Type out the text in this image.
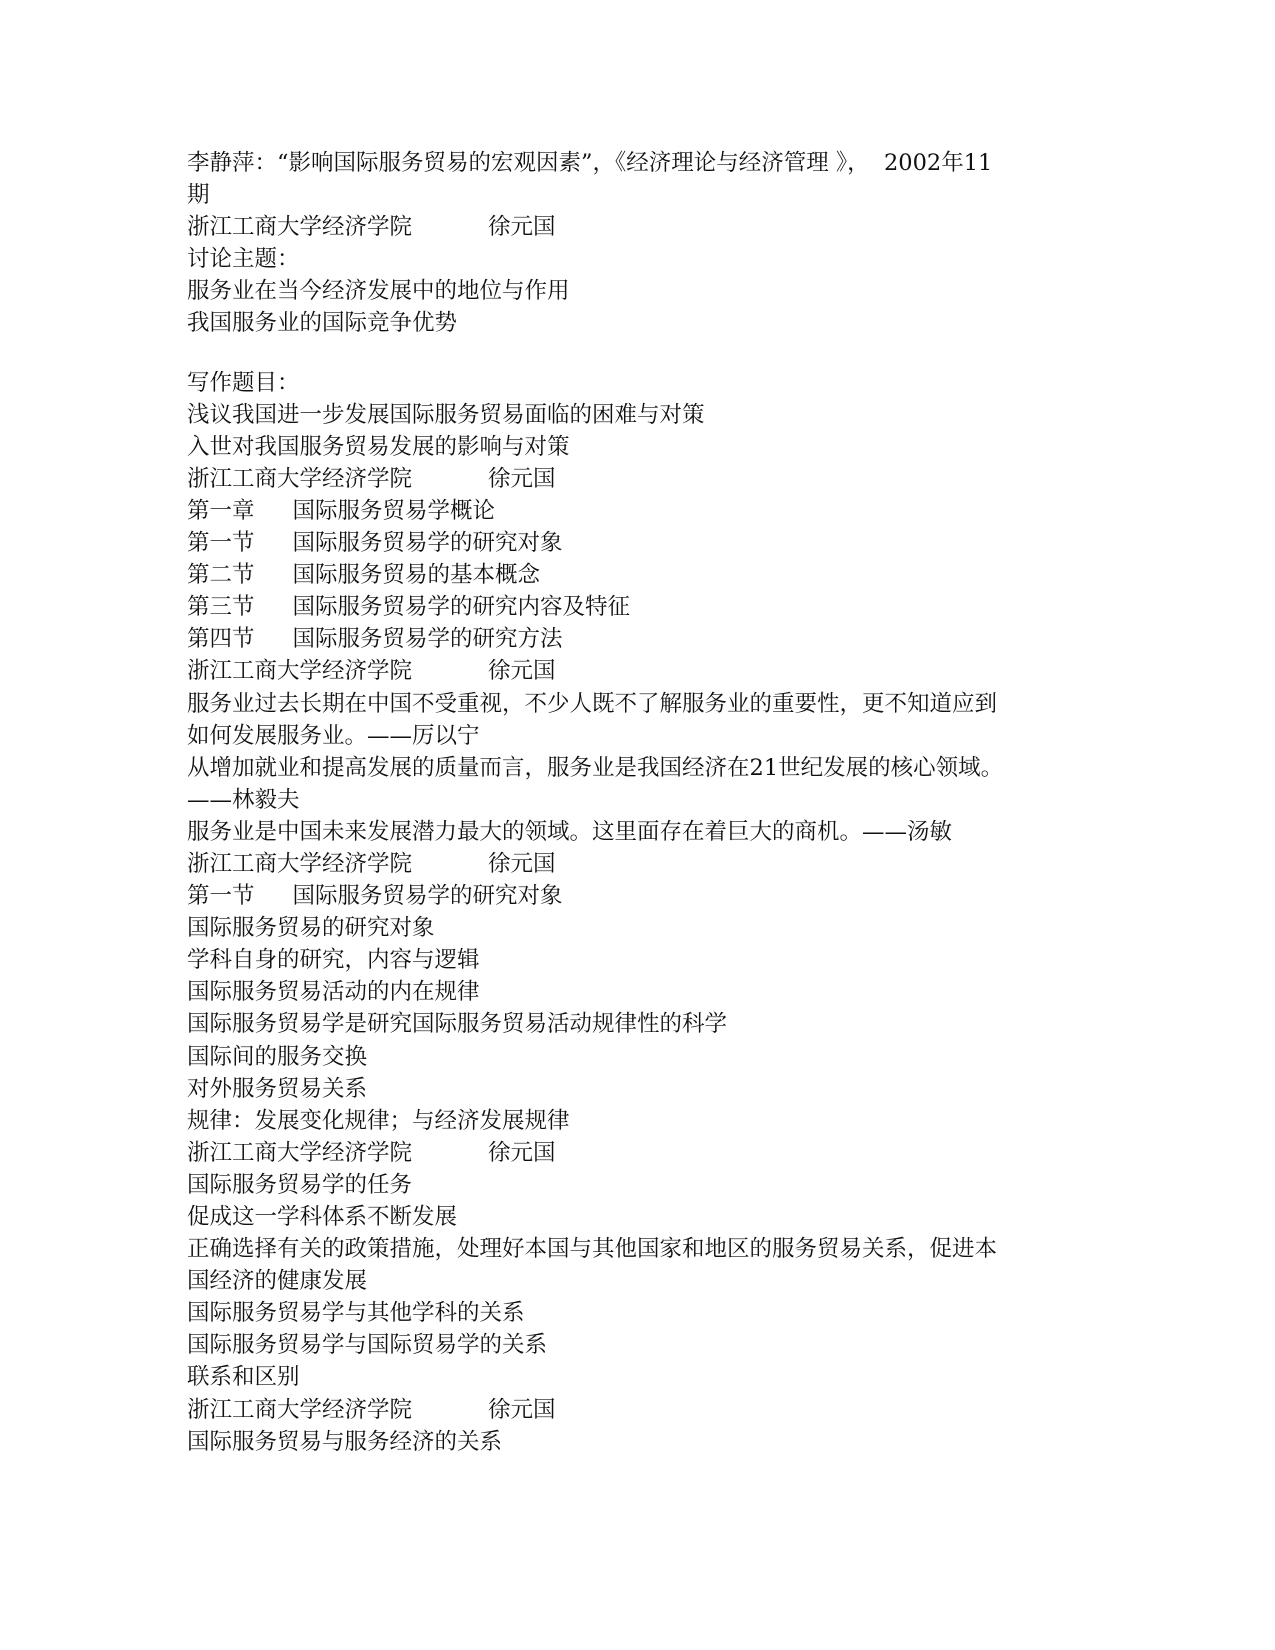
李静萍：“影响国际服务贸易的宏观因素”，《经济理论与经济管理 》，  2002年11
期
浙江工商大学经济学院	徐元国
讨论主题：
服务业在当今经济发展中的地位与作用
我国服务业的国际竞争优势
写作题目：
浅议我国进一步发展国际服务贸易面临的困难与对策
入世对我国服务贸易发展的影响与对策
浙江工商大学经济学院	徐元国
第一章 国际服务贸易学概论
第一节 国际服务贸易学的研究对象
第二节 国际服务贸易的基本概念
第三节 国际服务贸易学的研究内容及特征
第四节 国际服务贸易学的研究方法
浙江工商大学经济学院	徐元国
服务业过去长期在中国不受重视，不少人既不了解服务业的重要性，更不知道应到
如何发展服务业。——厉以宁
从增加就业和提高发展的质量而言，服务业是我国经济在21世纪发展的核心领域。
——林毅夫
服务业是中国未来发展潜力最大的领域。这里面存在着巨大的商机。——汤敏
浙江工商大学经济学院	徐元国
第一节 国际服务贸易学的研究对象
国际服务贸易的研究对象
学科自身的研究，内容与逻辑
国际服务贸易活动的内在规律
国际服务贸易学是研究国际服务贸易活动规律性的科学
国际间的服务交换
对外服务贸易关系
规律：发展变化规律；与经济发展规律
浙江工商大学经济学院	徐元国
国际服务贸易学的任务
促成这一学科体系不断发展
正确选择有关的政策措施，处理好本国与其他国家和地区的服务贸易关系，促进本
国经济的健康发展
国际服务贸易学与其他学科的关系
国际服务贸易学与国际贸易学的关系
联系和区别
浙江工商大学经济学院	徐元国
国际服务贸易与服务经济的关系
